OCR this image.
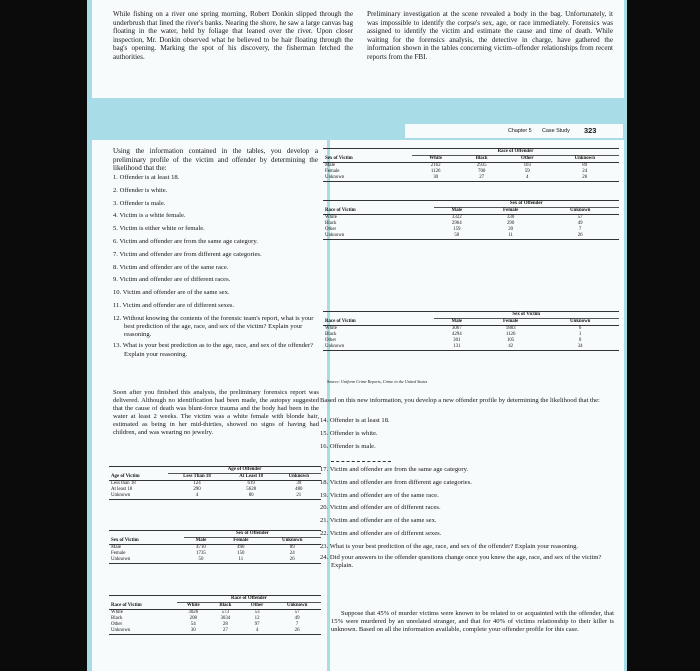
While fishing on a river one spring morning, Robert Donkin slipped through the underbrush that lined the river's banks. Nearing the shore, he saw a large canvas bag floating in the water, held by foliage that leaned over the river. Upon closer inspection, Mr. Donkin observed what he believed to be hair floating through the bag's opening. Marking the spot of his discovery, the fisherman fetched the authorities.
Preliminary investigation at the scene revealed a body in the bag. Unfortunately, it was impossible to identify the corpse's sex, age, or race immediately. Forensics was assigned to identify the victim and estimate the cause and time of death. While waiting for the forensics analysis, the detective in charge, have gathered the information shown in the tables concerning victim–offender relationships from recent reports from the FBI.
Chapter 5 Case Study 323
Using the information contained in the tables, you develop a preliminary profile of the victim and offender by determining the likelihood that the:
1. Offender is at least 18.
2. Offender is white.
3. Offender is male.
4. Victim is a white female.
5. Victim is either white or female.
6. Victim and offender are from the same age category.
7. Victim and offender are from different age categories.
8. Victim and offender are of the same race.
9. Victim and offender are of different races.
10. Victim and offender are of the same sex.
11. Victim and offender are of different sexes.
12. Without knowing the contents of the forensic team's report, what is your best prediction of the age, race, and sex of the victim? Explain your reasoning.
13. What is your best prediction as to the age, race, and sex of the offender? Explain your reasoning.
Soon after you finished this analysis, the preliminary forensics report was delivered. Although no identification had been made, the autopsy suggested that the cause of death was blunt-force trauma and the body had been in the water at least 2 weeks. The victim was a white female with blonde hair, estimated as being in her mid-thirties, showed no signs of having had children, and was wearing no jewelry.
	Age of Offender		
Age of Victim	Less Than 18	At Least 18	Unknown
Less than 18	124	619	39
At least 18	290	5628	480
Unknown	4	80	21
	Sex of Offender		
Sex of Victim	Male	Female	Unknown
Male	4710	490	89
Female	1735	150	24
Unknown	50	11	26
	Race of Offender			
Race of Victim	White	Black	Other	Unknown
White	3026	573	53	57
Black	208	3034	12	49
Other	54	28	97	7
Unknown	30	27	4	26
	Race of Offender			
Sex of Victim	White	Black	Other	Unknown
Male	2162	2935	103	89
Female	1126	700	59	24
Unknown	30	27	4	26
	Sex of Offender		
Race of Victim	Male	Female	Unknown
White	3322	330	57
Black	2964	290	49
Other	159	20	7
Unknown	50	11	26
	Sex of Victim		
Race of Victim	Male	Female	Unknown
White	3067	1883	6
Black	4294	1126	1
Other	301	105	0
Unknown	131	42	34
Source: Uniform Crime Reports, Crime in the United States
Based on this new information, you develop a new offender profile by determining the likelihood that the:
14. Offender is at least 18.
15. Offender is white.
16. Offender is male.
17. Victim and offender are from the same age category.
18. Victim and offender are from different age categories.
19. Victim and offender are of the same race.
20. Victim and offender are of different races.
21. Victim and offender are of the same sex.
22. Victim and offender are of different sexes.
23. What is your best prediction of the age, race, and sex of the offender? Explain your reasoning.
24. Did your answers to the offender questions change once you knew the age, race, and sex of the victim? Explain.
Suppose that 45% of murder victims were known to be related to or acquainted with the offender, that 15% were murdered by an unrelated stranger, and that for 40% of victims relationship to their killer is unknown. Based on all the information available, complete your offender profile for this case.
